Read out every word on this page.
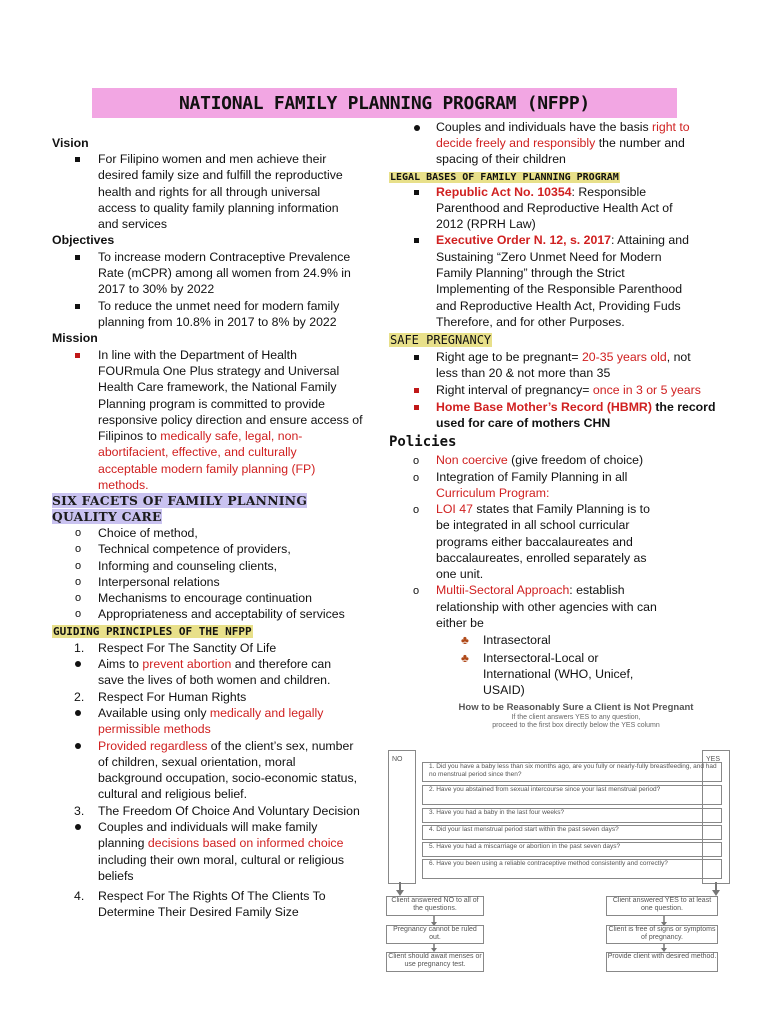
NATIONAL FAMILY PLANNING PROGRAM (NFPP)
Vision
For Filipino women and men achieve their
desired family size and fulfill the reproductive
health and rights for all through universal
access to quality family planning information
and services
Objectives
To increase modern Contraceptive Prevalence
Rate (mCPR) among all women from 24.9% in
2017 to 30% by 2022
To reduce the unmet need for modern family
planning from 10.8% in 2017 to 8% by 2022
Mission
In line with the Department of Health
FOURmula One Plus strategy and Universal
Health Care framework, the National Family
Planning program is committed to provide
responsive policy direction and ensure access of
Filipinos to medically safe, legal, non-
abortifacient, effective, and culturally
acceptable modern family planning (FP)
methods.
SIX FACETS OF FAMILY PLANNING
QUALITY CARE
o Choice of method,
o Technical competence of providers,
o Informing and counseling clients,
o Interpersonal relations
o Mechanisms to encourage continuation
o Appropriateness and acceptability of services
GUIDING PRINCIPLES OF THE NFPP
1. Respect For The Sanctity Of Life
Aims to prevent abortion and therefore can
save the lives of both women and children.
2. Respect For Human Rights
Available using only medically and legally
permissible methods
Provided regardless of the client’s sex, number
of children, sexual orientation, moral
background occupation, socio-economic status,
cultural and religious belief.
3. The Freedom Of Choice And Voluntary Decision
Couples and individuals will make family
planning decisions based on informed choice
including their own moral, cultural or religious
beliefs
4. Respect For The Rights Of The Clients To
Determine Their Desired Family Size
Couples and individuals have the basis right to
decide freely and responsibly the number and
spacing of their children
LEGAL BASES OF FAMILY PLANNING PROGRAM
Republic Act No. 10354: Responsible
Parenthood and Reproductive Health Act of
2012 (RPRH Law)
Executive Order N. 12, s. 2017: Attaining and
Sustaining “Zero Unmet Need for Modern
Family Planning” through the Strict
Implementing of the Responsible Parenthood
and Reproductive Health Act, Providing Fuds
Therefore, and for other Purposes.
SAFE PREGNANCY
Right age to be pregnant= 20-35 years old, not
less than 20 & not more than 35
Right interval of pregnancy= once in 3 or 5 years
Home Base Mother’s Record (HBMR) the record
used for care of mothers CHN
Policies
o Non coercive (give freedom of choice)
o Integration of Family Planning in all
Curriculum Program:
o LOI 47 states that Family Planning is to
be integrated in all school curricular
programs either baccalaureates and
baccalaureates, enrolled separately as
one unit.
o Multii-Sectoral Approach: establish
relationship with other agencies with can
either be
♣ Intrasectoral
♣ Intersectoral-Local or
International (WHO, Unicef,
USAID)
How to be Reasonably Sure a Client is Not Pregnant
If the client answers YES to any question,
proceed to the first box directly below the YES column
NO	YES
1. Did you have a baby less than six months ago, are you fully or nearly-fully breastfeeding, and had no menstrual period since then?
2. Have you abstained from sexual intercourse since your last menstrual period?
3. Have you had a baby in the last four weeks?
4. Did your last menstrual period start within the past seven days?
5. Have you had a miscarriage or abortion in the past seven days?
6. Have you been using a reliable contraceptive method consistently and correctly?
Client answered NO to all of the questions.
Pregnancy cannot be ruled out.
Client should await menses or use pregnancy test.
Client answered YES to at least one question.
Client is free of signs or symptoms of pregnancy.
Provide client with desired method.
